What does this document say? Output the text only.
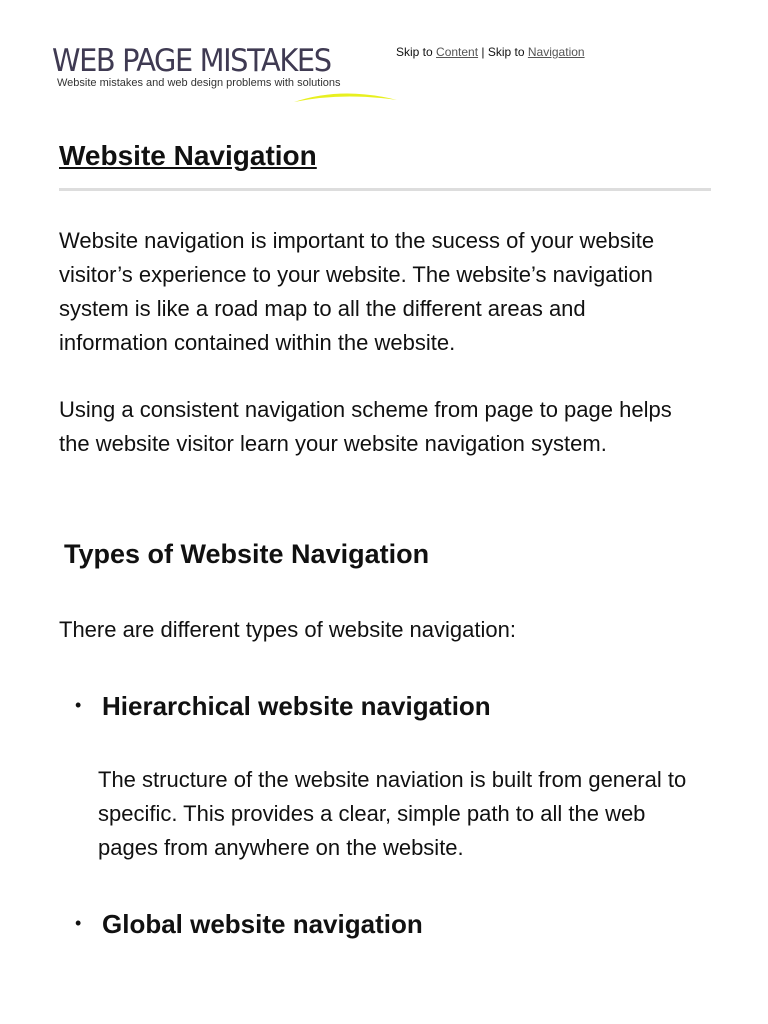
WEB PAGE MISTAKES
Website mistakes and web design problems with solutions
Skip to Content | Skip to Navigation
Website Navigation

Website navigation is important to the sucess of your website visitor’s experience to your website. The website’s navigation system is like a road map to all the different areas and information contained within the website.

Using a consistent navigation scheme from page to page helps the website visitor learn your website navigation system.

Types of Website Navigation

There are different types of website navigation:

• Hierarchical website navigation

The structure of the website naviation is built from general to specific. This provides a clear, simple path to all the web pages from anywhere on the website.

• Global website navigation
